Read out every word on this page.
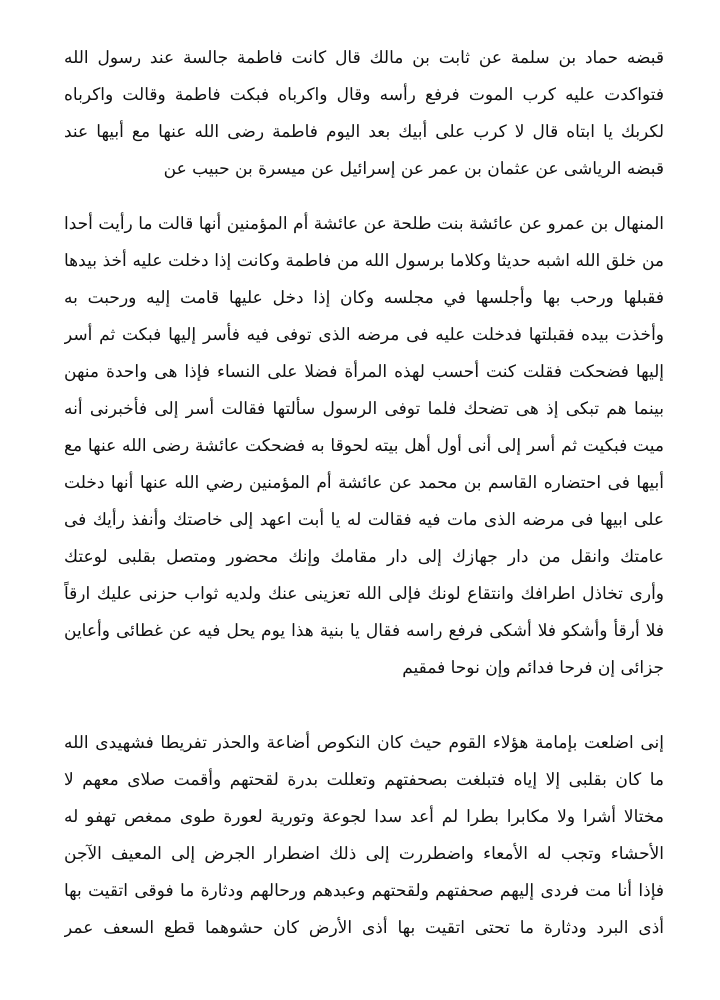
قبضه حماد بن سلمة عن ثابت بن مالك قال كانت فاطمة جالسة عند رسول الله
فتواكدت عليه كرب الموت فرفع رأسه وقال واكرباه فبكت فاطمة وقالت واكرباه
لكربك يا ابتاه قال لا كرب على أبيك بعد اليوم فاطمة رضى الله عنها مع أبيها عند
قبضه الرياشى عن عثمان بن عمر عن إسرائيل عن ميسرة بن حبيب عن
المنهال بن عمرو عن عائشة بنت طلحة عن عائشة أم المؤمنين أنها قالت ما رأيت أحدا
من خلق الله اشبه حديثا وكلاما برسول الله من فاطمة وكانت إذا دخلت عليه أخذ بيدها
فقبلها ورحب بها وأجلسها في مجلسه وكان إذا دخل عليها قامت إليه ورحبت به
وأخذت بيده فقبلتها فدخلت عليه فى مرضه الذى توفى فيه فأسر إليها فبكت ثم أسر
إليها فضحكت فقلت كنت أحسب لهذه المرأة فضلا على النساء فإذا هى واحدة منهن
بينما هم تبكى إذ هى تضحك فلما توفى الرسول سألتها فقالت أسر إلى فأخبرنى أنه
ميت فبكيت ثم أسر إلى أنى أول أهل بيته لحوقا به فضحكت عائشة رضى الله عنها مع
أبيها فى احتضاره القاسم بن محمد عن عائشة أم المؤمنين رضي الله عنها أنها دخلت
على ابيها فى مرضه الذى مات فيه فقالت له يا أبت اعهد إلى خاصتك وأنفذ رأيك فى
عامتك وانقل من دار جهازك إلى دار مقامك وإنك محضور ومتصل بقلبى لوعتك
وأرى تخاذل اطرافك وانتقاع لونك فإلى الله تعزينى عنك ولديه ثواب حزنى عليك ارقاً
فلا أرقأ وأشكو فلا أشكى فرفع راسه فقال يا بنية هذا يوم يحل فيه عن غطائى وأعاين
جزائى إن فرحا فدائم وإن نوحا فمقيم
إنى اضلعت بإمامة هؤلاء القوم حيث كان النكوص أضاعة والحذر تفريطا فشهيدى الله
ما كان بقلبى إلا إياه فتبلغت بصحفتهم وتعللت بدرة لقحتهم وأقمت صلاى معهم لا
مختالا أشرا ولا مكابرا بطرا لم أعد سدا لجوعة وتورية لعورة طوى ممغص تهفو له
الأحشاء وتجب له الأمعاء واضطررت إلى ذلك اضطرار الجرض إلى المعيف الآجن
فإذا أنا مت فردى إليهم صحفتهم ولقحتهم وعبدهم ورحالهم ودثارة ما فوقى اتقيت بها
أذى البرد ودثارة ما تحتى اتقيت بها أذى الأرض كان حشوهما قطع السعف عمر
